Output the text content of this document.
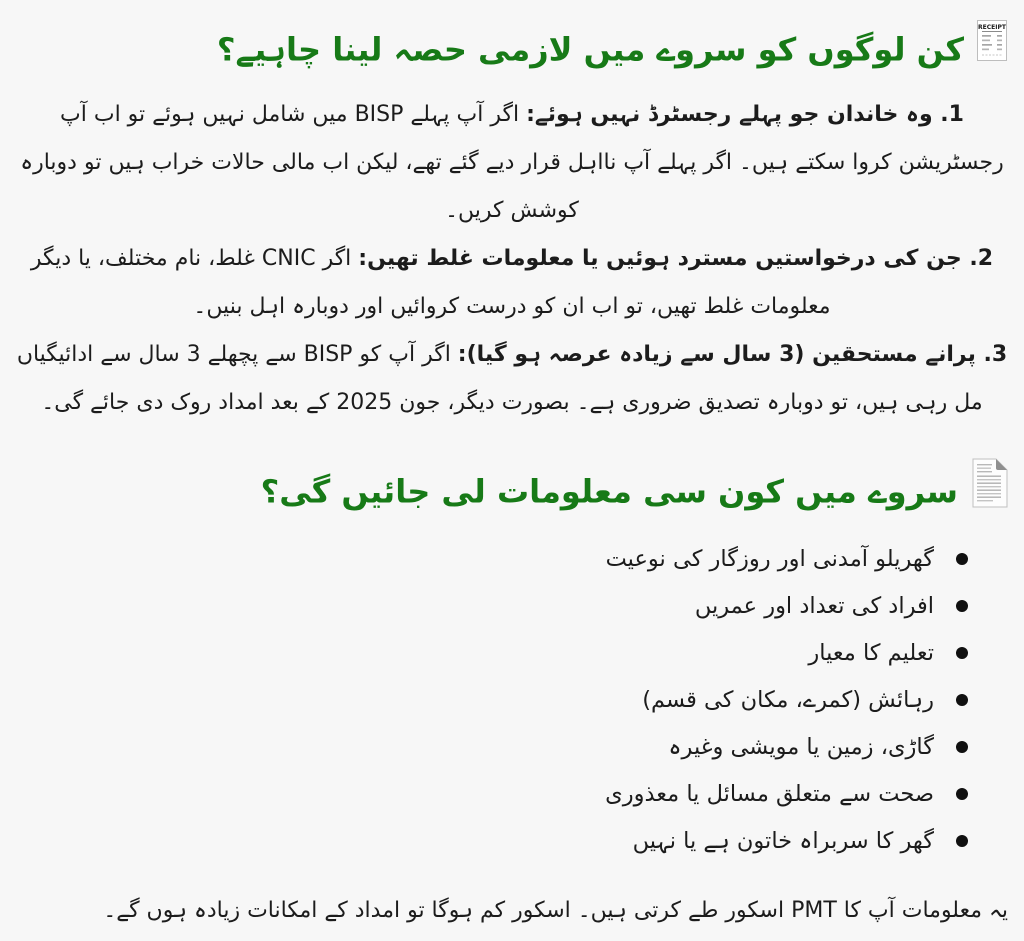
RECEIPT
کن لوگوں کو سروے میں لازمی حصہ لینا چاہیے؟
1. وہ خاندان جو پہلے رجسٹرڈ نہیں ہوئے: اگر آپ پہلے BISP میں شامل نہیں ہوئے تو اب آپ رجسٹریشن کروا سکتے ہیں۔ اگر پہلے آپ نااہل قرار دیے گئے تھے، لیکن اب مالی حالات خراب ہیں تو دوبارہ کوشش کریں۔
2. جن کی درخواستیں مسترد ہوئیں یا معلومات غلط تھیں: اگر CNIC غلط، نام مختلف، یا دیگر معلومات غلط تھیں، تو اب ان کو درست کروائیں اور دوبارہ اہل بنیں۔
3. پرانے مستحقین (3 سال سے زیادہ عرصہ ہو گیا): اگر آپ کو BISP سے پچھلے 3 سال سے ادائیگیاں مل رہی ہیں، تو دوبارہ تصدیق ضروری ہے۔ بصورت دیگر، جون 2025 کے بعد امداد روک دی جائے گی۔
سروے میں کون سی معلومات لی جائیں گی؟
گھریلو آمدنی اور روزگار کی نوعیت
افراد کی تعداد اور عمریں
تعلیم کا معیار
رہائش (کمرے، مکان کی قسم)
گاڑی، زمین یا مویشی وغیرہ
صحت سے متعلق مسائل یا معذوری
گھر کا سربراہ خاتون ہے یا نہیں

یہ معلومات آپ کا PMT اسکور طے کرتی ہیں۔ اسکور کم ہوگا تو امداد کے امکانات زیادہ ہوں گے۔
